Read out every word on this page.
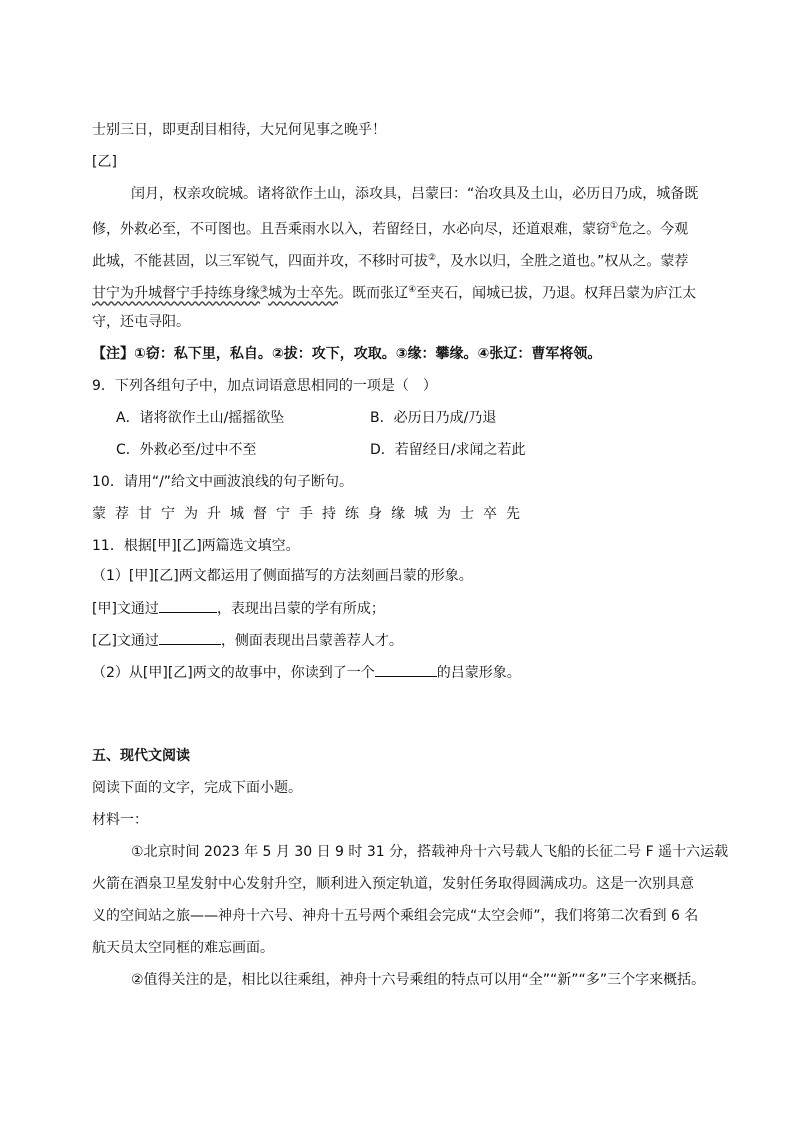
士别三日，即更刮目相待，大兄何见事之晚乎！
[乙]
闰月，权亲攻皖城。诸将欲作土山，添攻具，吕蒙曰：“治攻具及土山，必历日乃成，城备既
修，外救必至，不可图也。且吾乘雨水以入，若留经日，水必向尽，还道艰难，蒙窃①危之。今观
此城，不能甚固，以三军锐气，四面并攻，不移时可拔②，及水以归，全胜之道也。”权从之。蒙荐
甘宁为升城督宁手持练身缘③城为士卒先。既而张辽④至夹石，闻城已拔，乃退。权拜吕蒙为庐江太
守，还屯寻阳。
【注】①窃：私下里，私自。②拔：攻下，攻取。③缘：攀缘。④张辽：曹军将领。
9．下列各组句子中，加点词语意思相同的一项是（　）
A．诸将欲作土山/摇摇欲坠	B．必历日乃成/乃退
C．外救必至/过中不至	D．若留经日/求闻之若此
10．请用“/”给文中画波浪线的句子断句。
蒙荐甘宁为升城督宁手持练身缘城为士卒先
11．根据[甲][乙]两篇选文填空。
（1）[甲][乙]两文都运用了侧面描写的方法刻画吕蒙的形象。
[甲]文通过	，表现出吕蒙的学有所成；
[乙]文通过	，侧面表现出吕蒙善荐人才。
（2）从[甲][乙]两文的故事中，你读到了一个	的吕蒙形象。
五、现代文阅读
阅读下面的文字，完成下面小题。
材料一：
①北京时间 2023 年 5 月 30 日 9 时 31 分，搭载神舟十六号载人飞船的长征二号 F 遥十六运载
火箭在酒泉卫星发射中心发射升空，顺利进入预定轨道，发射任务取得圆满成功。这是一次别具意
义的空间站之旅——神舟十六号、神舟十五号两个乘组会完成“太空会师”，我们将第二次看到 6 名
航天员太空同框的难忘画面。
②值得关注的是，相比以往乘组，神舟十六号乘组的特点可以用“全”“新”“多”三个字来概括。
